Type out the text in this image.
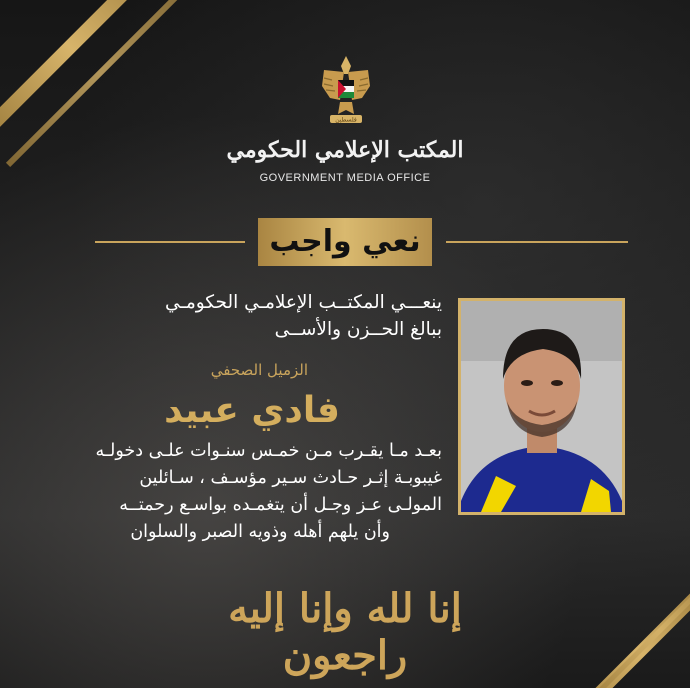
فلسطين
المكتب الإعلامي الحكومي
GOVERNMENT MEDIA OFFICE
نعي واجب
ينعـــي المكتــب الإعلامـي الحكومـي
ببالغ الحــزن والأســى
الزميل الصحفي
فادي عبيد
بعـد مـا يقـرب مـن خمـس سنـوات علـى دخولـه
غيبوبـة إثـر حـادث سـير مؤسـف ، سـائلين
المولـى عـز وجـل أن يتغمـده بواسـع رحمتــه
وأن يلهم أهله وذويه الصبر والسلوان
إنا لله وإنا إليه راجعون
